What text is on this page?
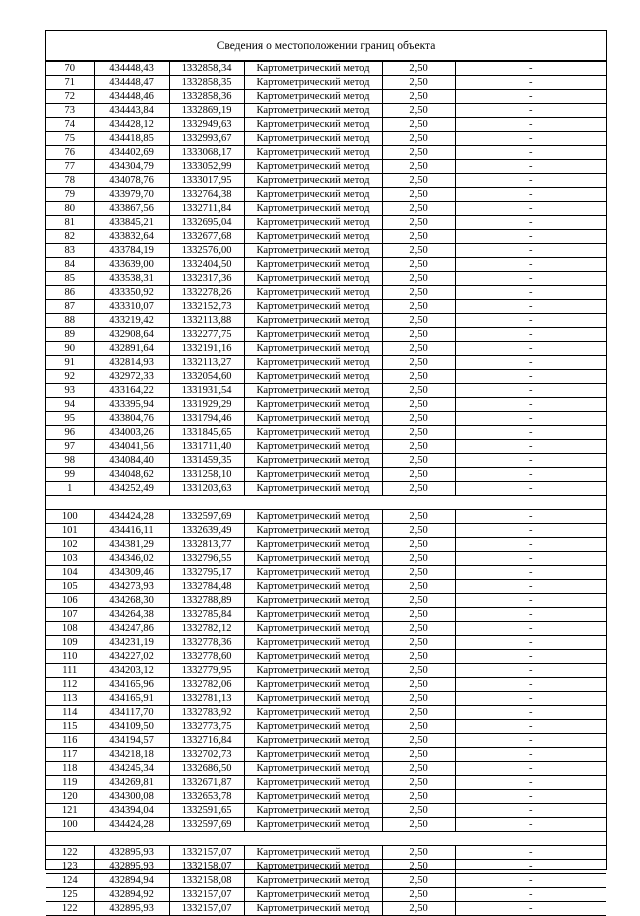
Сведения о местоположении границ объекта
70	434448,43	1332858,34	Картометрический метод	2,50	-
71	434448,47	1332858,35	Картометрический метод	2,50	-
72	434448,46	1332858,36	Картометрический метод	2,50	-
73	434443,84	1332869,19	Картометрический метод	2,50	-
74	434428,12	1332949,63	Картометрический метод	2,50	-
75	434418,85	1332993,67	Картометрический метод	2,50	-
76	434402,69	1333068,17	Картометрический метод	2,50	-
77	434304,79	1333052,99	Картометрический метод	2,50	-
78	434078,76	1333017,95	Картометрический метод	2,50	-
79	433979,70	1332764,38	Картометрический метод	2,50	-
80	433867,56	1332711,84	Картометрический метод	2,50	-
81	433845,21	1332695,04	Картометрический метод	2,50	-
82	433832,64	1332677,68	Картометрический метод	2,50	-
83	433784,19	1332576,00	Картометрический метод	2,50	-
84	433639,00	1332404,50	Картометрический метод	2,50	-
85	433538,31	1332317,36	Картометрический метод	2,50	-
86	433350,92	1332278,26	Картометрический метод	2,50	-
87	433310,07	1332152,73	Картометрический метод	2,50	-
88	433219,42	1332113,88	Картометрический метод	2,50	-
89	432908,64	1332277,75	Картометрический метод	2,50	-
90	432891,64	1332191,16	Картометрический метод	2,50	-
91	432814,93	1332113,27	Картометрический метод	2,50	-
92	432972,33	1332054,60	Картометрический метод	2,50	-
93	433164,22	1331931,54	Картометрический метод	2,50	-
94	433395,94	1331929,29	Картометрический метод	2,50	-
95	433804,76	1331794,46	Картометрический метод	2,50	-
96	434003,26	1331845,65	Картометрический метод	2,50	-
97	434041,56	1331711,40	Картометрический метод	2,50	-
98	434084,40	1331459,35	Картометрический метод	2,50	-
99	434048,62	1331258,10	Картометрический метод	2,50	-
1	434252,49	1331203,63	Картометрический метод	2,50	-

100	434424,28	1332597,69	Картометрический метод	2,50	-
101	434416,11	1332639,49	Картометрический метод	2,50	-
102	434381,29	1332813,77	Картометрический метод	2,50	-
103	434346,02	1332796,55	Картометрический метод	2,50	-
104	434309,46	1332795,17	Картометрический метод	2,50	-
105	434273,93	1332784,48	Картометрический метод	2,50	-
106	434268,30	1332788,89	Картометрический метод	2,50	-
107	434264,38	1332785,84	Картометрический метод	2,50	-
108	434247,86	1332782,12	Картометрический метод	2,50	-
109	434231,19	1332778,36	Картометрический метод	2,50	-
110	434227,02	1332778,60	Картометрический метод	2,50	-
111	434203,12	1332779,95	Картометрический метод	2,50	-
112	434165,96	1332782,06	Картометрический метод	2,50	-
113	434165,91	1332781,13	Картометрический метод	2,50	-
114	434117,70	1332783,92	Картометрический метод	2,50	-
115	434109,50	1332773,75	Картометрический метод	2,50	-
116	434194,57	1332716,84	Картометрический метод	2,50	-
117	434218,18	1332702,73	Картометрический метод	2,50	-
118	434245,34	1332686,50	Картометрический метод	2,50	-
119	434269,81	1332671,87	Картометрический метод	2,50	-
120	434300,08	1332653,78	Картометрический метод	2,50	-
121	434394,04	1332591,65	Картометрический метод	2,50	-
100	434424,28	1332597,69	Картометрический метод	2,50	-

122	432895,93	1332157,07	Картометрический метод	2,50	-
123	432895,93	1332158,07	Картометрический метод	2,50	-
124	432894,94	1332158,08	Картометрический метод	2,50	-
125	432894,92	1332157,07	Картометрический метод	2,50	-
122	432895,93	1332157,07	Картометрический метод	2,50	-
